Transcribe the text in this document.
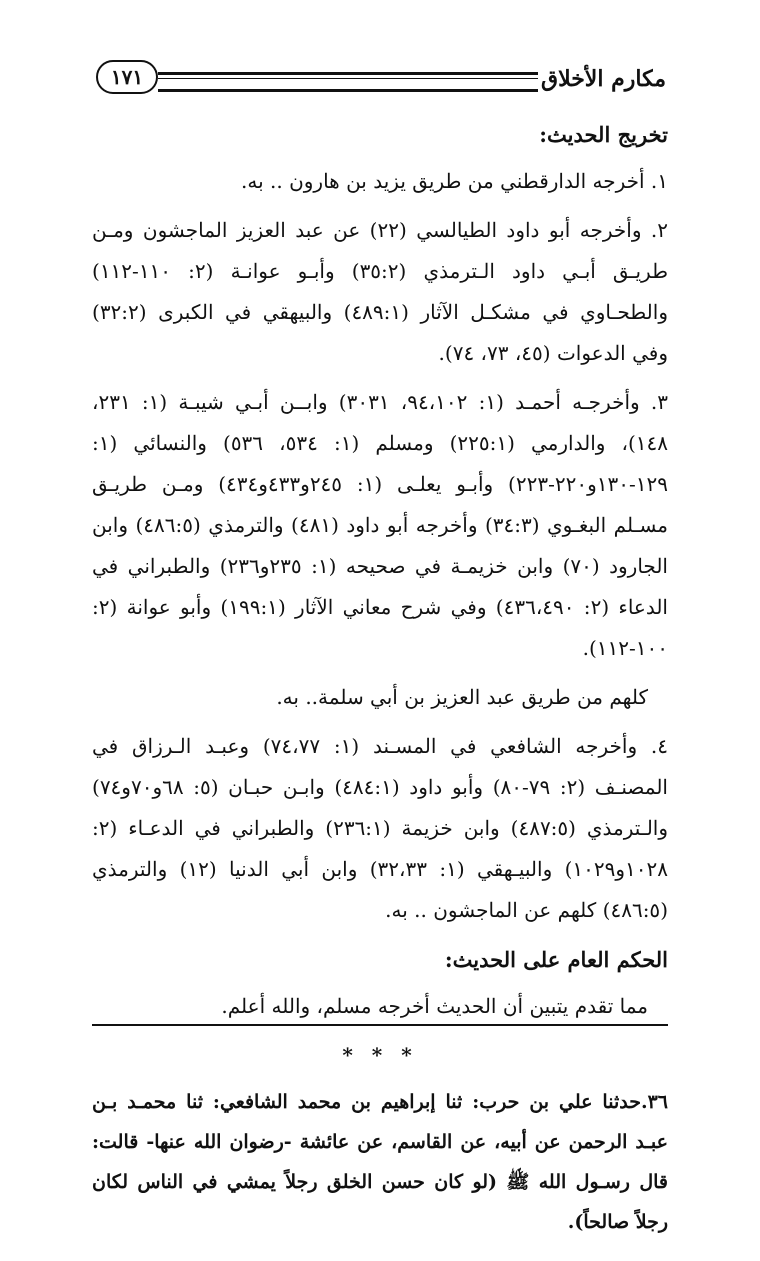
مكارم الأخلاق
١٧١
تخريج الحديث:

١. أخرجه الدارقطني من طريق يزيد بن هارون .. به.

٢. وأخرجه أبو داود الطيالسي (٢٢) عن عبد العزيز الماجشون ومـن طريـق أبـي داود الـترمذي (٣٥:٢) وأبـو عوانـة (٢: ١١٠-١١٢) والطحـاوي في مشكـل الآثار (٤٨٩:١) والبيهقي في الكبرى (٣٢:٢) وفي الدعوات (٤٥، ٧٣، ٧٤).

٣. وأخرجـه أحمـد (١: ٩٤،١٠٢، ٣٠٣١) وابــن أبـي شيبـة (١: ٢٣١، ١٤٨)، والدارمي (٢٢٥:١) ومسلم (١: ٥٣٤، ٥٣٦) والنسائي (١: ١٢٩-١٣٠و٢٢٠-٢٢٣) وأبـو يعلـى (١: ٢٤٥و٤٣٣و٤٣٤) ومـن طريـق مسـلم البغـوي (٣٤:٣) وأخرجه أبو داود (٤٨١) والترمذي (٤٨٦:٥) وابن الجارود (٧٠) وابن خزيمـة في صحيحه (١: ٢٣٥و٢٣٦) والطبراني في الدعاء (٢: ٤٣٦،٤٩٠) وفي شرح معاني الآثار (١٩٩:١) وأبو عوانة (٢: ١٠٠-١١٢).

كلهم من طريق عبد العزيز بن أبي سلمة.. به.

٤. وأخرجه الشافعي في المسـند (١: ٧٤،٧٧) وعبـد الـرزاق في المصنـف (٢: ٧٩-٨٠) وأبو داود (٤٨٤:١) وابـن حبـان (٥: ٦٨و٧٠و٧٤) والـترمذي (٤٨٧:٥) وابن خزيمة (٢٣٦:١) والطبراني في الدعـاء (٢: ١٠٢٨و١٠٢٩) والبيـهقي (١: ٣٢،٣٣) وابن أبي الدنيا (١٢) والترمذي (٤٨٦:٥) كلهم عن الماجشون .. به.

الحكم العام على الحديث:

مما تقدم يتبين أن الحديث أخرجه مسلم، والله أعلم.

* * *

٣٦.حدثنا علي بن حرب: ثنا إبراهيم بن محمد الشافعي: ثنا محمـد بـن عبـد الرحمن عن أبيه، عن القاسم، عن عائشة -رضوان الله عنها- قالت: قال رسـول الله ﷺ (لو كان حسن الخلق رجلاً يمشي في الناس لكان رجلاً صالحاً).
